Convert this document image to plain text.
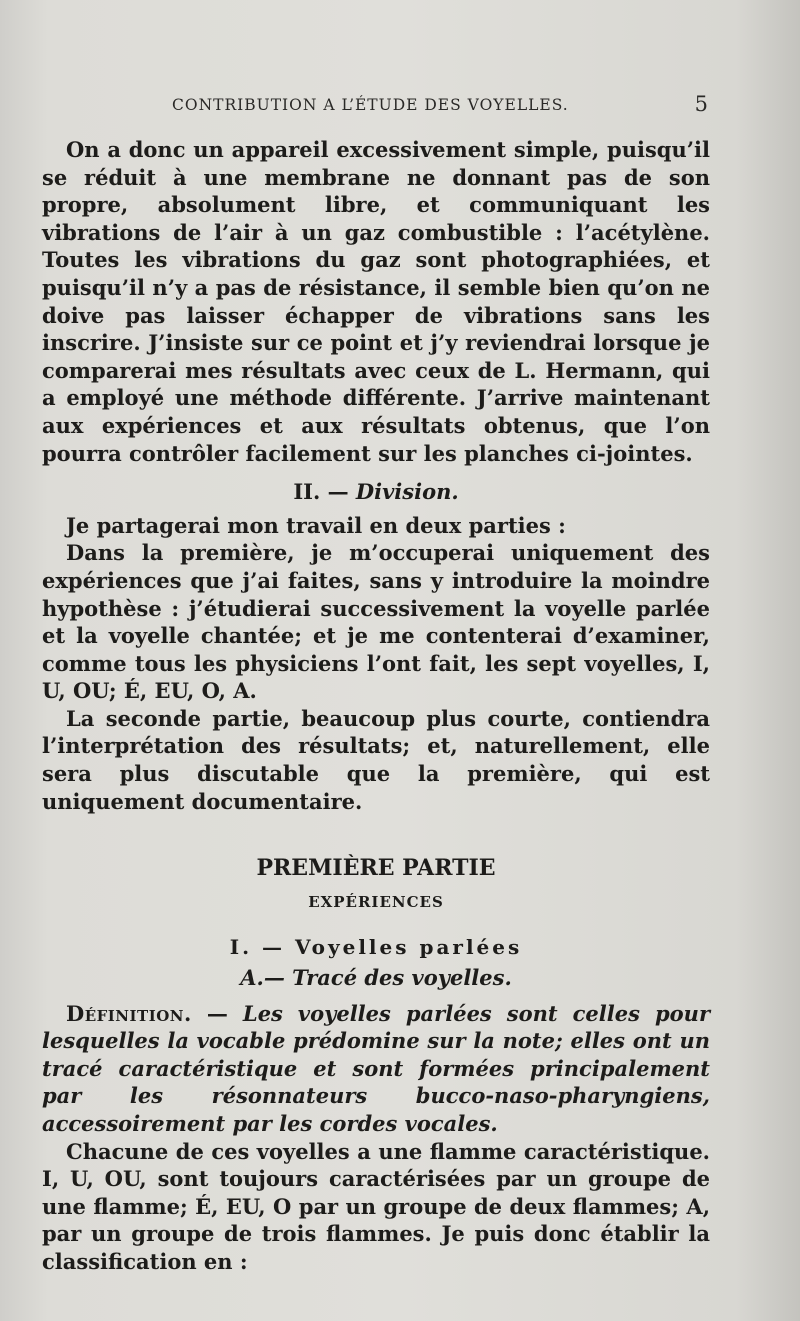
CONTRIBUTION A L’ÉTUDE DES VOYELLES.	5

On a donc un appareil excessivement simple, puisqu’il se réduit à une membrane ne donnant pas de son propre, absolument libre, et communiquant les vibrations de l’air à un gaz combustible : l’acétylène. Toutes les vibrations du gaz sont photographiées, et puisqu’il n’y a pas de résistance, il semble bien qu’on ne doive pas laisser échapper de vibrations sans les inscrire. J’insiste sur ce point et j’y reviendrai lorsque je comparerai mes résultats avec ceux de L. Hermann, qui a employé une méthode différente. J’arrive maintenant aux expériences et aux résultats obtenus, que l’on pourra contrôler facilement sur les planches ci-jointes.

II. — Division.

Je partagerai mon travail en deux parties :

Dans la première, je m’occuperai uniquement des expériences que j’ai faites, sans y introduire la moindre hypothèse : j’étudierai successivement la voyelle parlée et la voyelle chantée; et je me contenterai d’examiner, comme tous les physiciens l’ont fait, les sept voyelles, I, U, OU; É, EU, O, A.

La seconde partie, beaucoup plus courte, contiendra l’interprétation des résultats; et, naturellement, elle sera plus discutable que la première, qui est uniquement documentaire.

PREMIÈRE PARTIE

EXPÉRIENCES

I. — Voyelles parlées

A.— Tracé des voyelles.

Définition. — Les voyelles parlées sont celles pour lesquelles la vocable prédomine sur la note; elles ont un tracé caractéristique et sont formées principalement par les résonnateurs bucco-naso-pharyngiens, accessoirement par les cordes vocales.

Chacune de ces voyelles a une flamme caractéristique. I, U, OU, sont toujours caractérisées par un groupe de une flamme; É, EU, O par un groupe de deux flammes; A, par un groupe de trois flammes. Je puis donc établir la classification en :
